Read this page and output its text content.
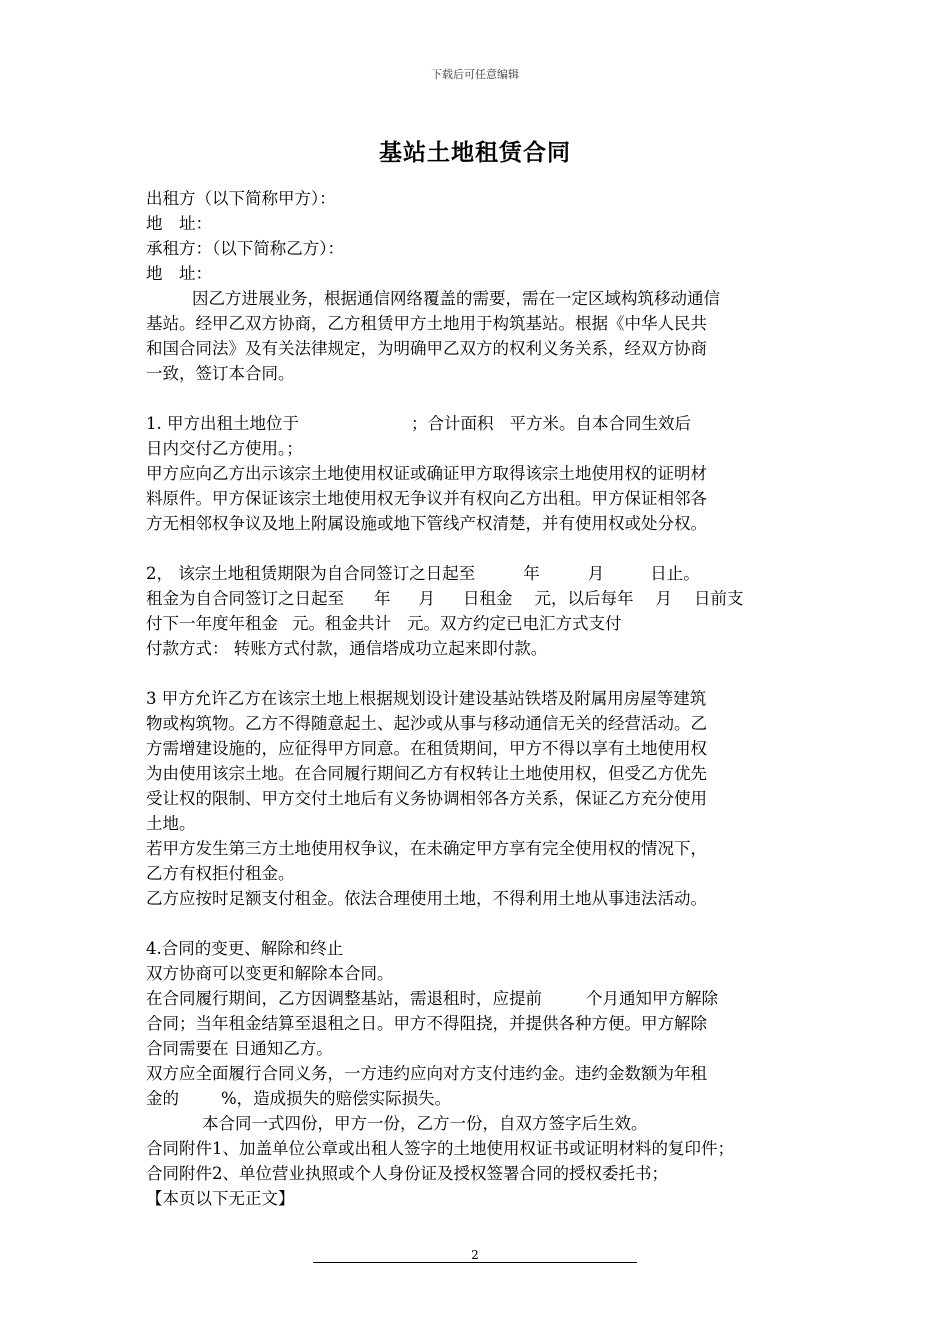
下载后可任意编辑
基站土地租赁合同
出租方（以下简称甲方）：
地　址：
承租方：（以下简称乙方）：
地　址：
因乙方进展业务，根据通信网络覆盖的需要，需在一定区域构筑移动通信
基站。经甲乙双方协商，乙方租赁甲方土地用于构筑基站。根据《中华人民共
和国合同法》及有关法律规定，为明确甲乙双方的权利义务关系，经双方协商
一致，签订本合同。
1. 甲方出租土地位于	；合计面积 平方米。自本合同生效后
日内交付乙方使用。；
甲方应向乙方出示该宗土地使用权证或确证甲方取得该宗土地使用权的证明材
料原件。甲方保证该宗土地使用权无争议并有权向乙方出租。甲方保证相邻各
方无相邻权争议及地上附属设施或地下管线产权清楚，并有使用权或处分权。
2， 该宗土地租赁期限为自合同签订之日起至	年	月	日止。
租金为自合同签订之日起至 年 月 日租金 元，以后每年 月 日前支
付下一年度年租金 元。租金共计 元。双方约定已电汇方式支付
付款方式： 转账方式付款，通信塔成功立起来即付款。
3 甲方允许乙方在该宗土地上根据规划设计建设基站铁塔及附属用房屋等建筑
物或构筑物。乙方不得随意起土、起沙或从事与移动通信无关的经营活动。乙
方需增建设施的，应征得甲方同意。在租赁期间，甲方不得以享有土地使用权
为由使用该宗土地。在合同履行期间乙方有权转让土地使用权，但受乙方优先
受让权的限制、甲方交付土地后有义务协调相邻各方关系，保证乙方充分使用
土地。
若甲方发生第三方土地使用权争议，在未确定甲方享有完全使用权的情况下，
乙方有权拒付租金。
乙方应按时足额支付租金。依法合理使用土地，不得利用土地从事违法活动。
4.合同的变更、解除和终止
双方协商可以变更和解除本合同。
在合同履行期间，乙方因调整基站，需退租时，应提前	个月通知甲方解除
合同；当年租金结算至退租之日。甲方不得阻挠，并提供各种方便。甲方解除
合同需要在 日通知乙方。
双方应全面履行合同义务，一方违约应向对方支付违约金。违约金数额为年租
金的	%，造成损失的赔偿实际损失。
本合同一式四份，甲方一份，乙方一份，自双方签字后生效。
合同附件1、加盖单位公章或出租人签字的土地使用权证书或证明材料的复印件；
合同附件2、单位营业执照或个人身份证及授权签署合同的授权委托书；
【本页以下无正文】
2
